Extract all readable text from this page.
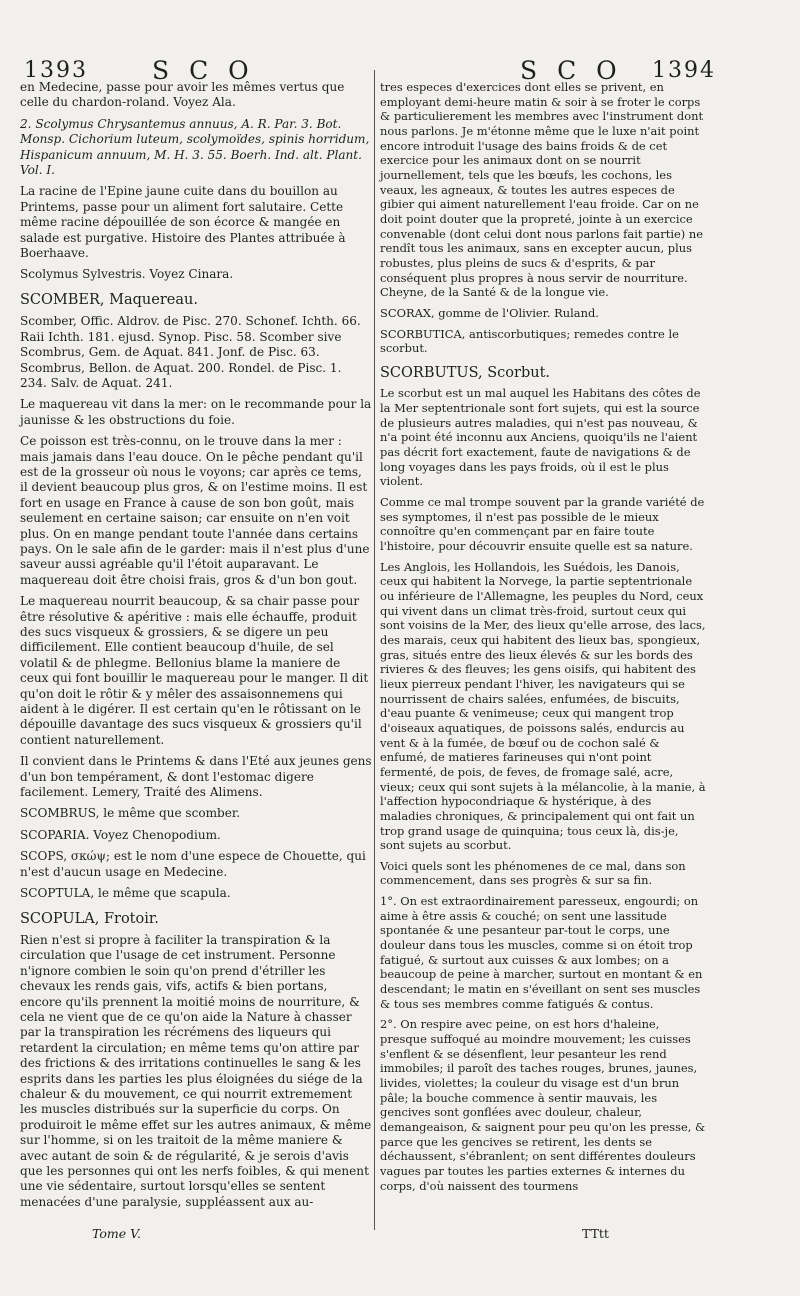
1393	S C O	S C O 1394

en Medecine, passe pour avoir les mêmes vertus que celle du chardon-roland. Voyez Ala.

2. Scolymus Chrysantemus annuus, A. R. Par. 3. Bot. Monsp. Cichorium luteum, scolymoïdes, spinis horridum, Hispanicum annuum, M. H. 3. 55. Boerh. Ind. alt. Plant. Vol. I.

La racine de l'Epine jaune cuite dans du bouillon au Printems, passe pour un aliment fort salutaire. Cette même racine dépouillée de son écorce & mangée en salade est purgative. Histoire des Plantes attribuée à Boerhaave.

Scolymus Sylvestris. Voyez Cinara.

SCOMBER, Maquereau.

Scomber, Offic. Aldrov. de Pisc. 270. Schonef. Ichth. 66. Raii Ichth. 181. ejusd. Synop. Pisc. 58. Scomber sive Scombrus, Gem. de Aquat. 841. Jonf. de Pisc. 63. Scombrus, Bellon. de Aquat. 200. Rondel. de Pisc. 1. 234. Salv. de Aquat. 241.

Le maquereau vit dans la mer: on le recommande pour la jaunisse & les obstructions du foie.

Ce poisson est très-connu, on le trouve dans la mer : mais jamais dans l'eau douce. On le pêche pendant qu'il est de la grosseur où nous le voyons; car après ce tems, il devient beaucoup plus gros, & on l'estime moins. Il est fort en usage en France à cause de son bon goût, mais seulement en certaine saison; car ensuite on n'en voit plus. On en mange pendant toute l'année dans certains pays. On le sale afin de le garder: mais il n'est plus d'une saveur aussi agréable qu'il l'étoit auparavant. Le maquereau doit être choisi frais, gros & d'un bon gout.

Le maquereau nourrit beaucoup, & sa chair passe pour être résolutive & apéritive : mais elle échauffe, produit des sucs visqueux & grossiers, & se digere un peu difficilement. Elle contient beaucoup d'huile, de sel volatil & de phlegme. Bellonius blame la maniere de ceux qui font bouillir le maquereau pour le manger. Il dit qu'on doit le rôtir & y mêler des assaisonnemens qui aident à le digérer. Il est certain qu'en le rôtissant on le dépouille davantage des sucs visqueux & grossiers qu'il contient naturellement.

Il convient dans le Printems & dans l'Eté aux jeunes gens d'un bon tempérament, & dont l'estomac digere facilement. Lemery, Traité des Alimens.

SCOMBRUS, le même que scomber.

SCOPARIA. Voyez Chenopodium.

SCOPS, σκώψ; est le nom d'une espece de Chouette, qui n'est d'aucun usage en Medecine.

SCOPTULA, le même que scapula.

SCOPULA, Frotoir.

Rien n'est si propre à faciliter la transpiration & la circulation que l'usage de cet instrument. Personne n'ignore combien le soin qu'on prend d'étriller les chevaux les rends gais, vifs, actifs & bien portans, encore qu'ils prennent la moitié moins de nourriture, & cela ne vient que de ce qu'on aide la Nature à chasser par la transpiration les récrémens des liqueurs qui retardent la circulation; en même tems qu'on attire par des frictions & des irritations continuelles le sang & les esprits dans les parties les plus éloignées du siége de la chaleur & du mouvement, ce qui nourrit extremement les muscles distribués sur la superficie du corps. On produiroit le même effet sur les autres animaux, & même sur l'homme, si on les traitoit de la même maniere & avec autant de soin & de régularité, & je serois d'avis que les personnes qui ont les nerfs foibles, & qui menent une vie sédentaire, surtout lorsqu'elles se sentent menacées d'une paralysie, suppléassent aux au-

tres especes d'exercices dont elles se privent, en employant demi-heure matin & soir à se froter le corps & particulierement les membres avec l'instrument dont nous parlons. Je m'étonne même que le luxe n'ait point encore introduit l'usage des bains froids & de cet exercice pour les animaux dont on se nourrit journellement, tels que les bœufs, les cochons, les veaux, les agneaux, & toutes les autres especes de gibier qui aiment naturellement l'eau froide. Car on ne doit point douter que la propreté, jointe à un exercice convenable (dont celui dont nous parlons fait partie) ne rendît tous les animaux, sans en excepter aucun, plus robustes, plus pleins de sucs & d'esprits, & par conséquent plus propres à nous servir de nourriture. Cheyne, de la Santé & de la longue vie.

SCORAX, gomme de l'Olivier. Ruland.

SCORBUTICA, antiscorbutiques; remedes contre le scorbut.

SCORBUTUS, Scorbut.

Le scorbut est un mal auquel les Habitans des côtes de la Mer septentrionale sont fort sujets, qui est la source de plusieurs autres maladies, qui n'est pas nouveau, & n'a point été inconnu aux Anciens, quoiqu'ils ne l'aient pas décrit fort exactement, faute de navigations & de long voyages dans les pays froids, où il est le plus violent.

Comme ce mal trompe souvent par la grande variété de ses symptomes, il n'est pas possible de le mieux connoître qu'en commençant par en faire toute l'histoire, pour découvrir ensuite quelle est sa nature.

Les Anglois, les Hollandois, les Suédois, les Danois, ceux qui habitent la Norvege, la partie septentrionale ou inférieure de l'Allemagne, les peuples du Nord, ceux qui vivent dans un climat très-froid, surtout ceux qui sont voisins de la Mer, des lieux qu'elle arrose, des lacs, des marais, ceux qui habitent des lieux bas, spongieux, gras, situés entre des lieux élevés & sur les bords des rivieres & des fleuves; les gens oisifs, qui habitent des lieux pierreux pendant l'hiver, les navigateurs qui se nourrissent de chairs salées, enfumées, de biscuits, d'eau puante & venimeuse; ceux qui mangent trop d'oiseaux aquatiques, de poissons salés, endurcis au vent & à la fumée, de bœuf ou de cochon salé & enfumé, de matieres farineuses qui n'ont point fermenté, de pois, de feves, de fromage salé, acre, vieux; ceux qui sont sujets à la mélancolie, à la manie, à l'affection hypocondriaque & hystérique, à des maladies chroniques, & principalement qui ont fait un trop grand usage de quinquina; tous ceux là, dis-je, sont sujets au scorbut.

Voici quels sont les phénomenes de ce mal, dans son commencement, dans ses progrès & sur sa fin.

1°. On est extraordinairement paresseux, engourdi; on aime à être assis & couché; on sent une lassitude spontanée & une pesanteur par-tout le corps, une douleur dans tous les muscles, comme si on étoit trop fatigué, & surtout aux cuisses & aux lombes; on a beaucoup de peine à marcher, surtout en montant & en descendant; le matin en s'éveillant on sent ses muscles & tous ses membres comme fatigués & contus.

2°. On respire avec peine, on est hors d'haleine, presque suffoqué au moindre mouvement; les cuisses s'enflent & se désenflent, leur pesanteur les rend immobiles; il paroît des taches rouges, brunes, jaunes, livides, violettes; la couleur du visage est d'un brun pâle; la bouche commence à sentir mauvais, les gencives sont gonflées avec douleur, chaleur, demangeaison, & saignent pour peu qu'on les presse, & parce que les gencives se retirent, les dents se déchaussent, s'ébranlent; on sent différentes douleurs vagues par toutes les parties externes & internes du corps, d'où naissent des tourmens

Tome V.	TTtt
